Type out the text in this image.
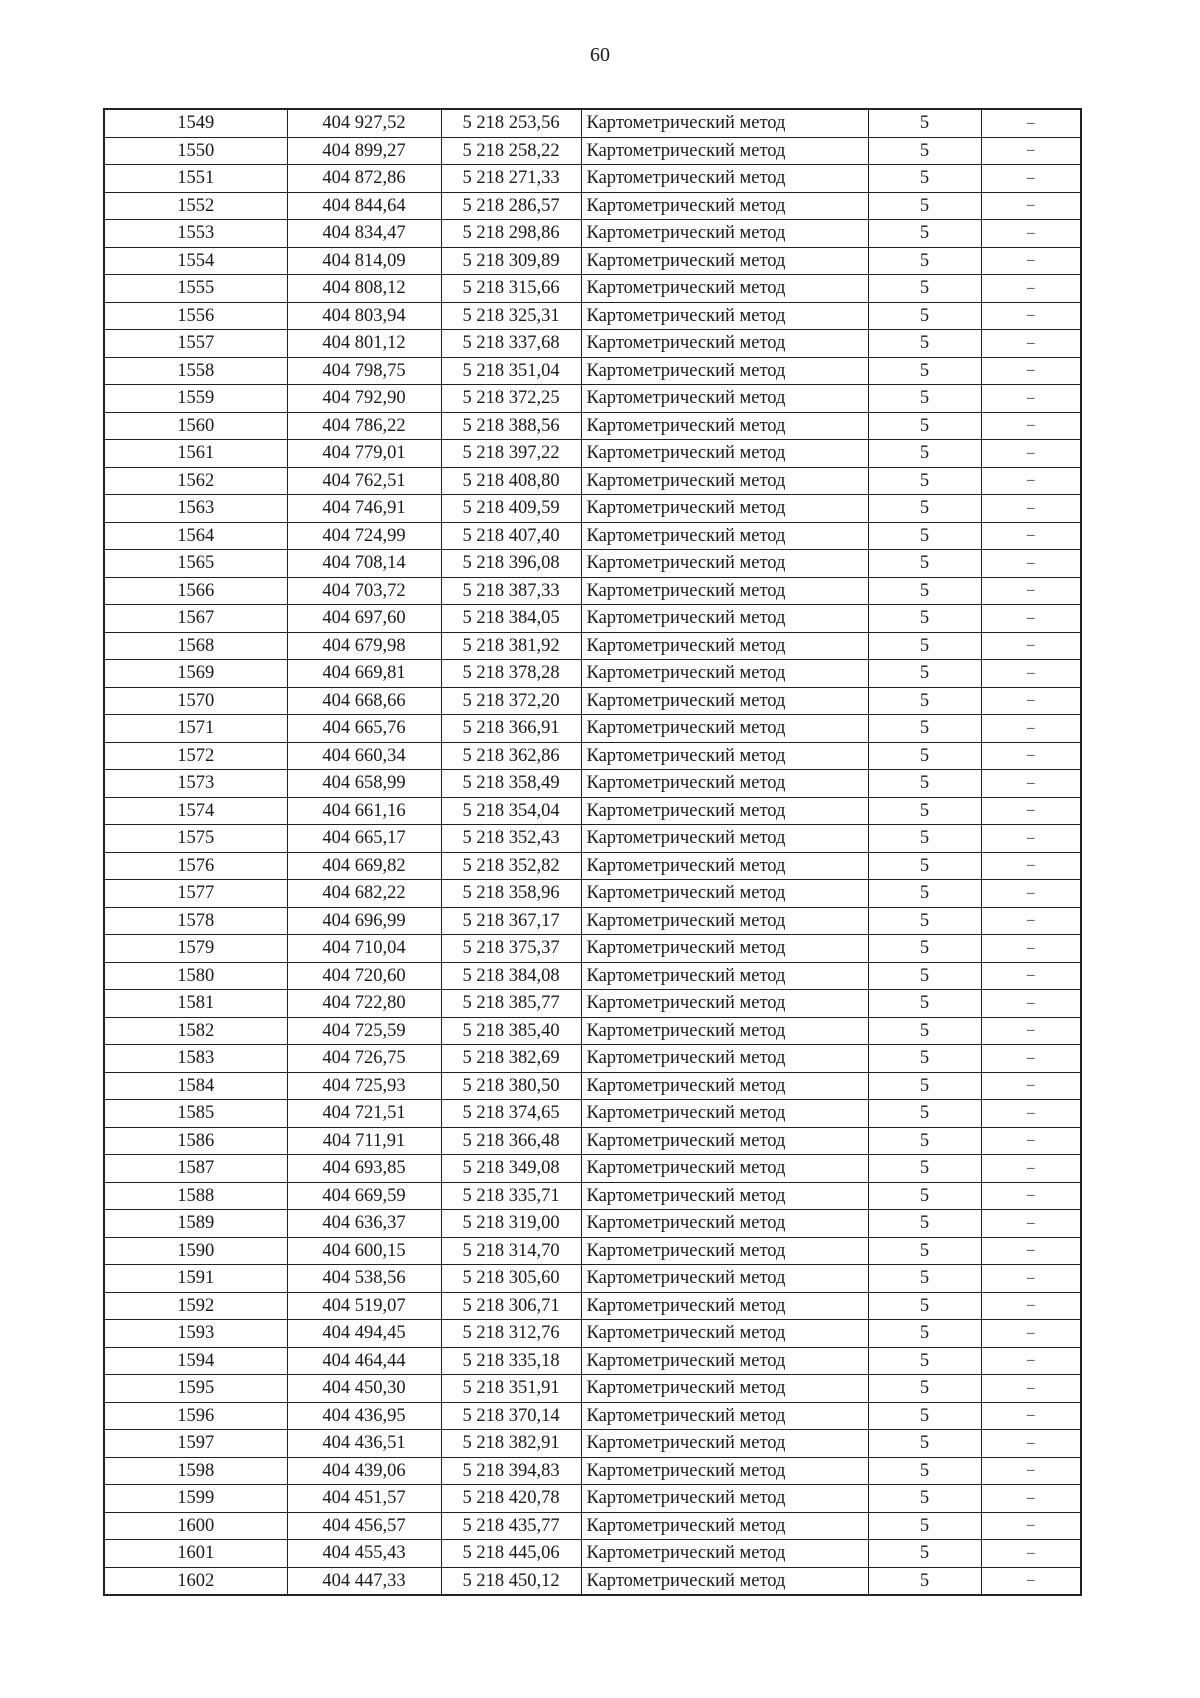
60
1549	404 927,52	5 218 253,56	Картометрический метод	5	–
1550	404 899,27	5 218 258,22	Картометрический метод	5	–
1551	404 872,86	5 218 271,33	Картометрический метод	5	–
1552	404 844,64	5 218 286,57	Картометрический метод	5	–
1553	404 834,47	5 218 298,86	Картометрический метод	5	–
1554	404 814,09	5 218 309,89	Картометрический метод	5	–
1555	404 808,12	5 218 315,66	Картометрический метод	5	–
1556	404 803,94	5 218 325,31	Картометрический метод	5	–
1557	404 801,12	5 218 337,68	Картометрический метод	5	–
1558	404 798,75	5 218 351,04	Картометрический метод	5	–
1559	404 792,90	5 218 372,25	Картометрический метод	5	–
1560	404 786,22	5 218 388,56	Картометрический метод	5	–
1561	404 779,01	5 218 397,22	Картометрический метод	5	–
1562	404 762,51	5 218 408,80	Картометрический метод	5	–
1563	404 746,91	5 218 409,59	Картометрический метод	5	–
1564	404 724,99	5 218 407,40	Картометрический метод	5	–
1565	404 708,14	5 218 396,08	Картометрический метод	5	–
1566	404 703,72	5 218 387,33	Картометрический метод	5	–
1567	404 697,60	5 218 384,05	Картометрический метод	5	–
1568	404 679,98	5 218 381,92	Картометрический метод	5	–
1569	404 669,81	5 218 378,28	Картометрический метод	5	–
1570	404 668,66	5 218 372,20	Картометрический метод	5	–
1571	404 665,76	5 218 366,91	Картометрический метод	5	–
1572	404 660,34	5 218 362,86	Картометрический метод	5	–
1573	404 658,99	5 218 358,49	Картометрический метод	5	–
1574	404 661,16	5 218 354,04	Картометрический метод	5	–
1575	404 665,17	5 218 352,43	Картометрический метод	5	–
1576	404 669,82	5 218 352,82	Картометрический метод	5	–
1577	404 682,22	5 218 358,96	Картометрический метод	5	–
1578	404 696,99	5 218 367,17	Картометрический метод	5	–
1579	404 710,04	5 218 375,37	Картометрический метод	5	–
1580	404 720,60	5 218 384,08	Картометрический метод	5	–
1581	404 722,80	5 218 385,77	Картометрический метод	5	–
1582	404 725,59	5 218 385,40	Картометрический метод	5	–
1583	404 726,75	5 218 382,69	Картометрический метод	5	–
1584	404 725,93	5 218 380,50	Картометрический метод	5	–
1585	404 721,51	5 218 374,65	Картометрический метод	5	–
1586	404 711,91	5 218 366,48	Картометрический метод	5	–
1587	404 693,85	5 218 349,08	Картометрический метод	5	–
1588	404 669,59	5 218 335,71	Картометрический метод	5	–
1589	404 636,37	5 218 319,00	Картометрический метод	5	–
1590	404 600,15	5 218 314,70	Картометрический метод	5	–
1591	404 538,56	5 218 305,60	Картометрический метод	5	–
1592	404 519,07	5 218 306,71	Картометрический метод	5	–
1593	404 494,45	5 218 312,76	Картометрический метод	5	–
1594	404 464,44	5 218 335,18	Картометрический метод	5	–
1595	404 450,30	5 218 351,91	Картометрический метод	5	–
1596	404 436,95	5 218 370,14	Картометрический метод	5	–
1597	404 436,51	5 218 382,91	Картометрический метод	5	–
1598	404 439,06	5 218 394,83	Картометрический метод	5	–
1599	404 451,57	5 218 420,78	Картометрический метод	5	–
1600	404 456,57	5 218 435,77	Картометрический метод	5	–
1601	404 455,43	5 218 445,06	Картометрический метод	5	–
1602	404 447,33	5 218 450,12	Картометрический метод	5	–
